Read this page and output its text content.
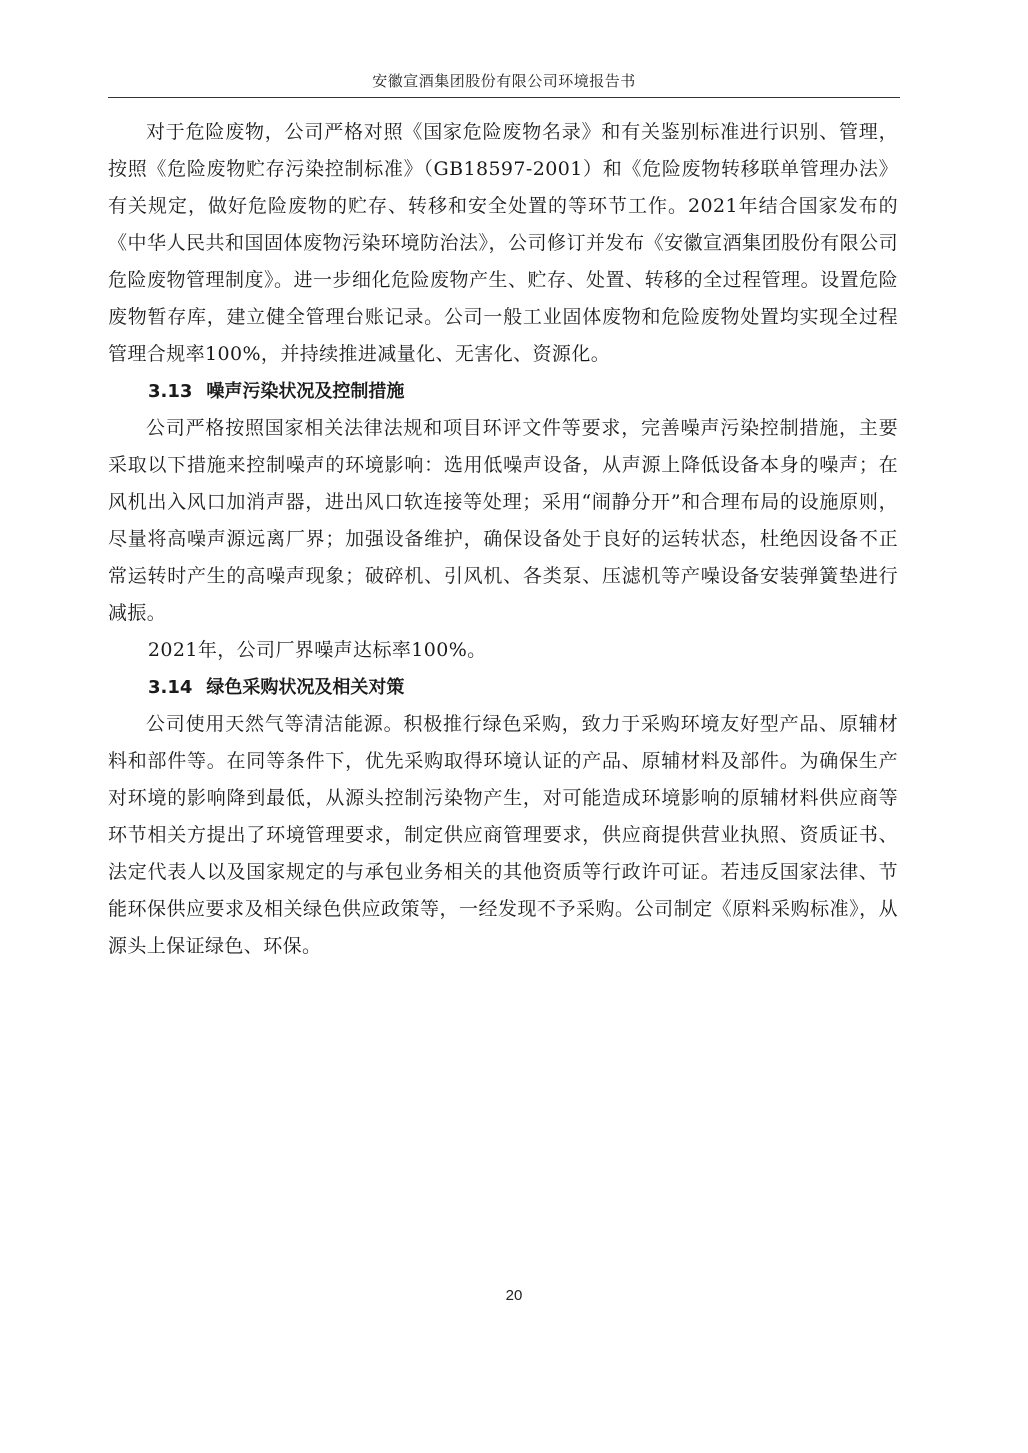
安徽宣酒集团股份有限公司环境报告书

对于危险废物，公司严格对照《国家危险废物名录》和有关鉴别标准进行识别、管理，按照《危险废物贮存污染控制标准》（GB18597-2001）和《危险废物转移联单管理办法》有关规定，做好危险废物的贮存、转移和安全处置的等环节工作。2021年结合国家发布的《中华人民共和国固体废物污染环境防治法》，公司修订并发布《安徽宣酒集团股份有限公司危险废物管理制度》。进一步细化危险废物产生、贮存、处置、转移的全过程管理。设置危险废物暂存库，建立健全管理台账记录。公司一般工业固体废物和危险废物处置均实现全过程管理合规率100%，并持续推进减量化、无害化、资源化。

3.13 噪声污染状况及控制措施

公司严格按照国家相关法律法规和项目环评文件等要求，完善噪声污染控制措施，主要采取以下措施来控制噪声的环境影响：选用低噪声设备，从声源上降低设备本身的噪声；在风机出入风口加消声器，进出风口软连接等处理；采用“闹静分开”和合理布局的设施原则，尽量将高噪声源远离厂界；加强设备维护，确保设备处于良好的运转状态，杜绝因设备不正常运转时产生的高噪声现象；破碎机、引风机、各类泵、压滤机等产噪设备安装弹簧垫进行减振。

2021年，公司厂界噪声达标率100%。

3.14 绿色采购状况及相关对策

公司使用天然气等清洁能源。积极推行绿色采购，致力于采购环境友好型产品、原辅材料和部件等。在同等条件下，优先采购取得环境认证的产品、原辅材料及部件。为确保生产对环境的影响降到最低，从源头控制污染物产生，对可能造成环境影响的原辅材料供应商等环节相关方提出了环境管理要求，制定供应商管理要求，供应商提供营业执照、资质证书、法定代表人以及国家规定的与承包业务相关的其他资质等行政许可证。若违反国家法律、节能环保供应要求及相关绿色供应政策等，一经发现不予采购。公司制定《原料采购标准》，从源头上保证绿色、环保。

20
